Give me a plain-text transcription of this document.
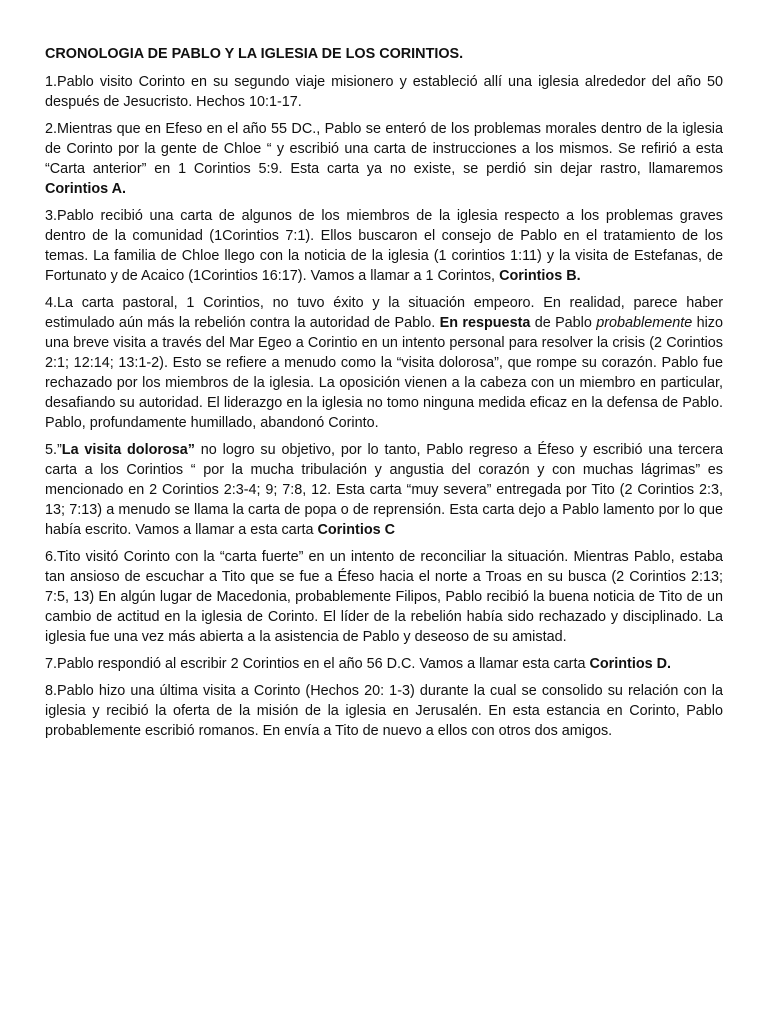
CRONOLOGIA DE PABLO Y LA IGLESIA DE LOS CORINTIOS.

1.Pablo visito Corinto en su segundo viaje misionero y estableció allí una iglesia alrededor del año 50 después de Jesucristo. Hechos 10:1-17.

2.Mientras que en Efeso en el año 55 DC., Pablo se enteró de los problemas morales dentro de la iglesia de Corinto por la gente de Chloe “ y escribió una carta de instrucciones a los mismos. Se refirió a esta “Carta anterior” en 1 Corintios 5:9. Esta carta ya no existe, se perdió sin dejar rastro, llamaremos Corintios A.

3.Pablo recibió una carta de algunos de los miembros de la iglesia respecto a los problemas graves dentro de la comunidad (1Corintios 7:1). Ellos buscaron el consejo de Pablo en el tratamiento de los temas. La familia de Chloe llego con la noticia de la iglesia (1 corintios 1:11) y la visita de Estefanas, de Fortunato y de Acaico (1Corintios 16:17). Vamos a llamar a 1 Corintos, Corintios B.

4.La carta pastoral, 1 Corintios, no tuvo éxito y la situación empeoro. En realidad, parece haber estimulado aún más la rebelión contra la autoridad de Pablo. En respuesta de Pablo probablemente hizo una breve visita a través del Mar Egeo a Corintio en un intento personal para resolver la crisis (2 Corintios 2:1; 12:14; 13:1-2). Esto se refiere a menudo como la “visita dolorosa”, que rompe su corazón. Pablo fue rechazado por los miembros de la iglesia. La oposición vienen a la cabeza con un miembro en particular, desafiando su autoridad. El liderazgo en la iglesia no tomo ninguna medida eficaz en la defensa de Pablo. Pablo, profundamente humillado, abandonó Corinto.

5.”La visita dolorosa” no logro su objetivo, por lo tanto, Pablo regreso a Éfeso y escribió una tercera carta a los Corintios “ por la mucha tribulación y angustia del corazón y con muchas lágrimas” es mencionado en 2 Corintios 2:3-4; 9; 7:8, 12. Esta carta “muy severa” entregada por Tito (2 Corintios 2:3, 13; 7:13) a menudo se llama la carta de popa o de reprensión. Esta carta dejo a Pablo lamento por lo que había escrito. Vamos a llamar a esta carta Corintios C

6.Tito visitó Corinto con la “carta fuerte” en un intento de reconciliar la situación. Mientras Pablo, estaba tan ansioso de escuchar a Tito que se fue a Éfeso hacia el norte a Troas en su busca (2 Corintios 2:13; 7:5, 13) En algún lugar de Macedonia, probablemente Filipos, Pablo recibió la buena noticia de Tito de un cambio de actitud en la iglesia de Corinto. El líder de la rebelión había sido rechazado y disciplinado. La iglesia fue una vez más abierta a la asistencia de Pablo y deseoso de su amistad.

7.Pablo respondió al escribir 2 Corintios en el año 56 D.C. Vamos a llamar esta carta Corintios D.

8.Pablo hizo una última visita a Corinto (Hechos 20: 1-3) durante la cual se consolido su relación con la iglesia y recibió la oferta de la misión de la iglesia en Jerusalén. En esta estancia en Corinto, Pablo probablemente escribió romanos. En envía a Tito de nuevo a ellos con otros dos amigos.
